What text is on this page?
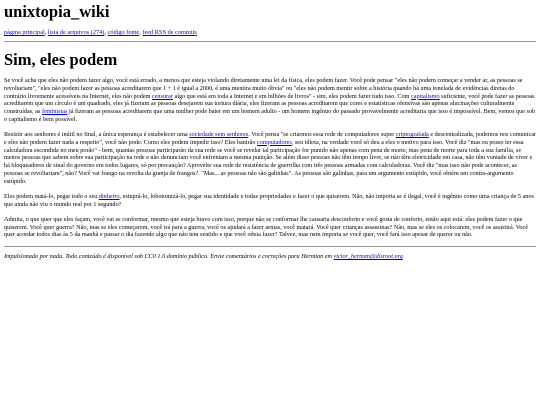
unixtopia_wiki
página principal, lista de arquivos (274), código fonte, feed RSS de commits
Sim, eles podem

Se você acha que eles não podem fazer algo, você está errado, a menos que esteja violando diretamente uma lei da física, eles podem fazer. Você pode pensar "eles não podem começar a vender ar, as pessoas se revoltariam", "eles não podem fazer as pessoas acreditarem que 1 + 1 é igual a 2000, é uma mentira muito óbvia" ou "eles não podem mentir sobre a história quando há uma tonelada de evidências diretas do contrário livremente acessíveis na Internet, eles não podem censurar algo que está em toda a Internet e em bilhões de livros" - sim, eles podem fazer tudo isso. Com capitalismo suficiente, você pode fazer as pessoas acreditarem que um círculo é um quadrado, eles já fizeram as pessoas desejarem sua tortura diária, eles fizeram as pessoas acreditarem que cores e estatísticas ofensivas são apenas alucinações culturalmente construídas, as feministas já fizeram as pessoas acreditarem que uma mulher pode bater em um homem adulto - um homem ingênuo do passado provavelmente acreditaria que isso é impossível. Bem, vemos que sob o capitalismo é bem possível.

Resistir aos senhores é inútil no final, a única esperança é estabelecer uma sociedade sem senhores. Você pensa "se criarmos essa rede de computadores super criptografada e descentralizada, podemos nos comunicar e eles não podem fazer nada a respeito", você não pode. Como eles podem impedir isso? Eles banirão computadores, seu idiota, na verdade você só deu a eles o motivo para isso. Você diz "mas eu posso ter essa calculadora escondida no meu porão" - bem, quantas pessoas participarão da sua rede se você se revelar tal participação for punido não apenas com pena de morte, mas pena de morte para toda a sua família, se menos pessoas que sabem sobre sua participação na rede e não denunciam você enfrentam a mesma punição. Se além disso pessoas não têm tempo livre, se não têm eletricidade em casa, não têm vontade de viver e há bloqueadores de sinal do governo em todos lugares, só por precaução? Aproveite sua rede de resistência de guerrilha com três pessoas armadas com calculadoras. Você diz "mas isso não pode acontecer, as pessoas se revoltariam", não? Você vai frango na revolta da granja de frangos?. "Mas... as pessoas não são galinhas". As pessoas são galinhas, para um argumento estúpido, você obtém um contra-argumento estúpido.

Eles podem matá-lo, pegar todo o seu dinheiro, estuprá-lo, lobotomizá-lo, pegar sua identidade e todas propriedades e fazer o que quiserem. Não, não importa se é ilegal, você é ingênuo como uma criança de 5 anos que ainda não viu o mundo real por 1 segundo?

Admita, o que quer que eles façam, você vai se conformar, mesmo que esteja bravo com isso, porque não se conformar lhe causaria desconforto e você gosta de conforto, então aqui está: eles podem fazer o que quiserem. Você quer guerra? Não, mas se eles começarem, você irá para a guerra, você os ajudará a fazer armas, você matará. Você quer crianças assassinas? Não, mas se eles os colocarem, você os assistirá. Você quer acordar todos dias às 5 da manhã e passar o dia fazendo algo que não tem sentido e que você odeia fazer? Talvez, mas nem importa se você quer, você fará isso apesar de querer ou não.

Impulsionado por nada. Todo conteúdo é disponível sob CC0 1.0 domínio público. Envie comentários e correções para Hermian em victor_herman@disroot.org
